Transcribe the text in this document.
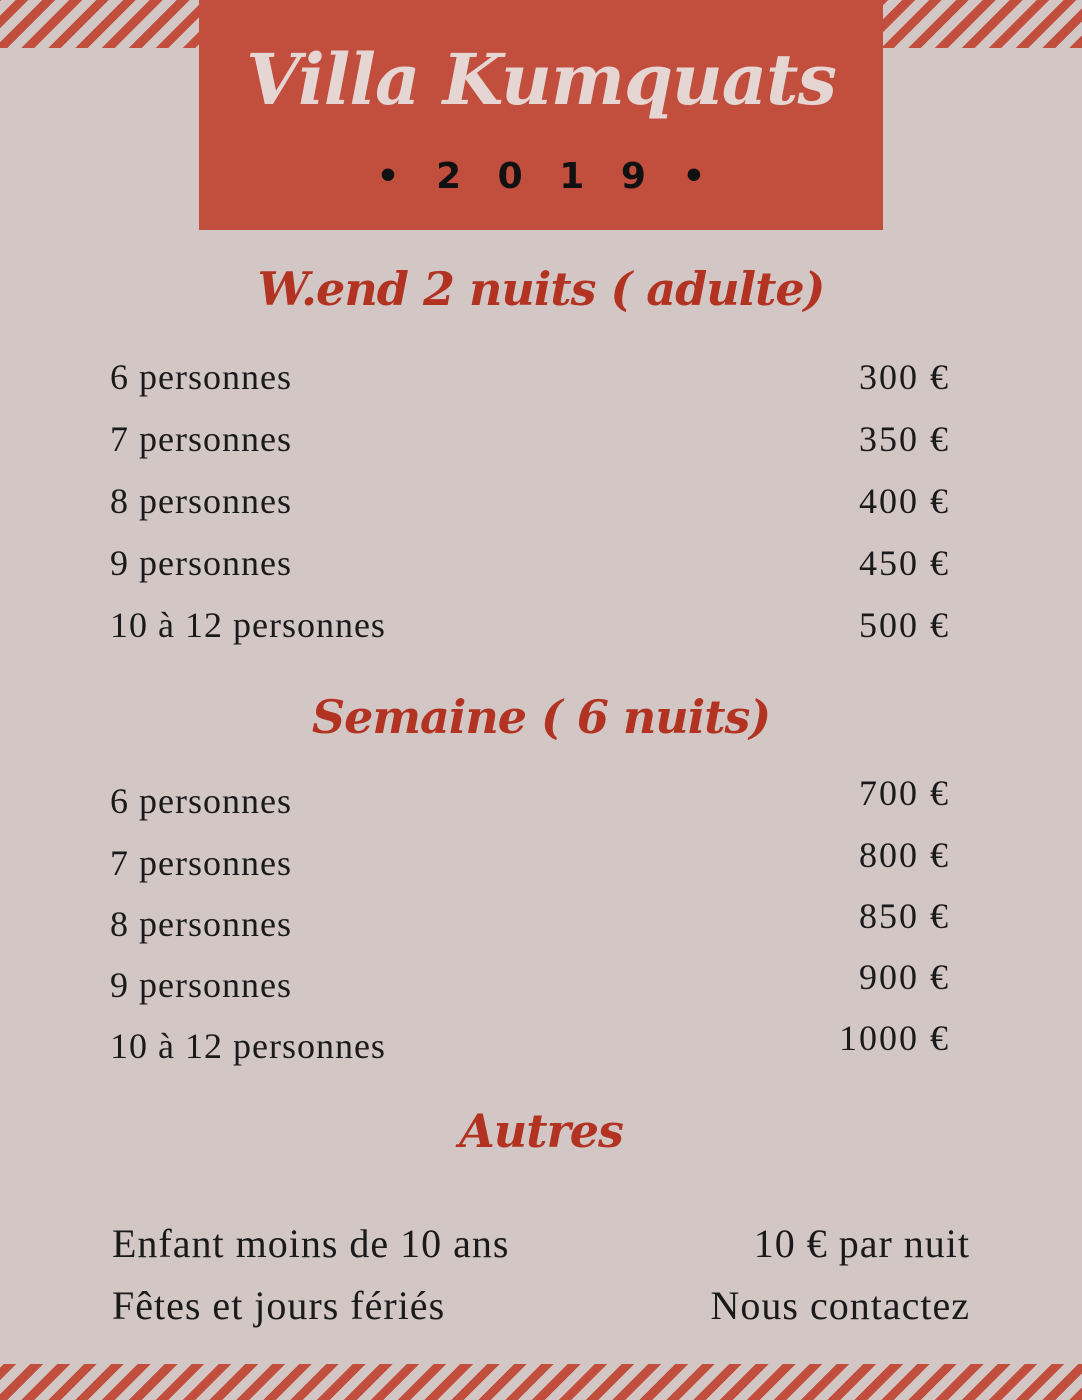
Villa Kumquats
• 2 0 1 9 •
W.end 2 nuits ( adulte)
6 personnes	300 €
7 personnes	350 €
8 personnes	400 €
9 personnes	450 €
10 à 12 personnes	500 €
Semaine ( 6 nuits)
6 personnes	700 €
7 personnes	800 €
8 personnes	850 €
9 personnes	900 €
10 à 12 personnes	1000 €
Autres
Enfant moins de 10 ans	10 € par nuit
Fêtes et jours fériés	Nous contactez
